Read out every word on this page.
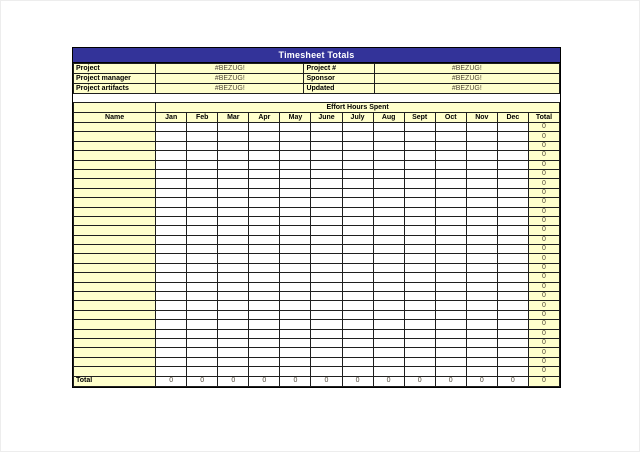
Timesheet Totals
Project	#BEZUG!	Project #	#BEZUG!
Project manager	#BEZUG!	Sponsor	#BEZUG!
Project artifacts	#BEZUG!	Updated	#BEZUG!
	Effort Hours Spent												
Name	Jan	Feb	Mar	Apr	May	June	July	Aug	Sept	Oct	Nov	Dec	Total
													0
													0
													0
													0
													0
													0
													0
													0
													0
													0
													0
													0
													0
													0
													0
													0
													0
													0
													0
													0
													0
													0
													0
													0
													0
													0
													0
Total	0	0	0	0	0	0	0	0	0	0	0	0	0
